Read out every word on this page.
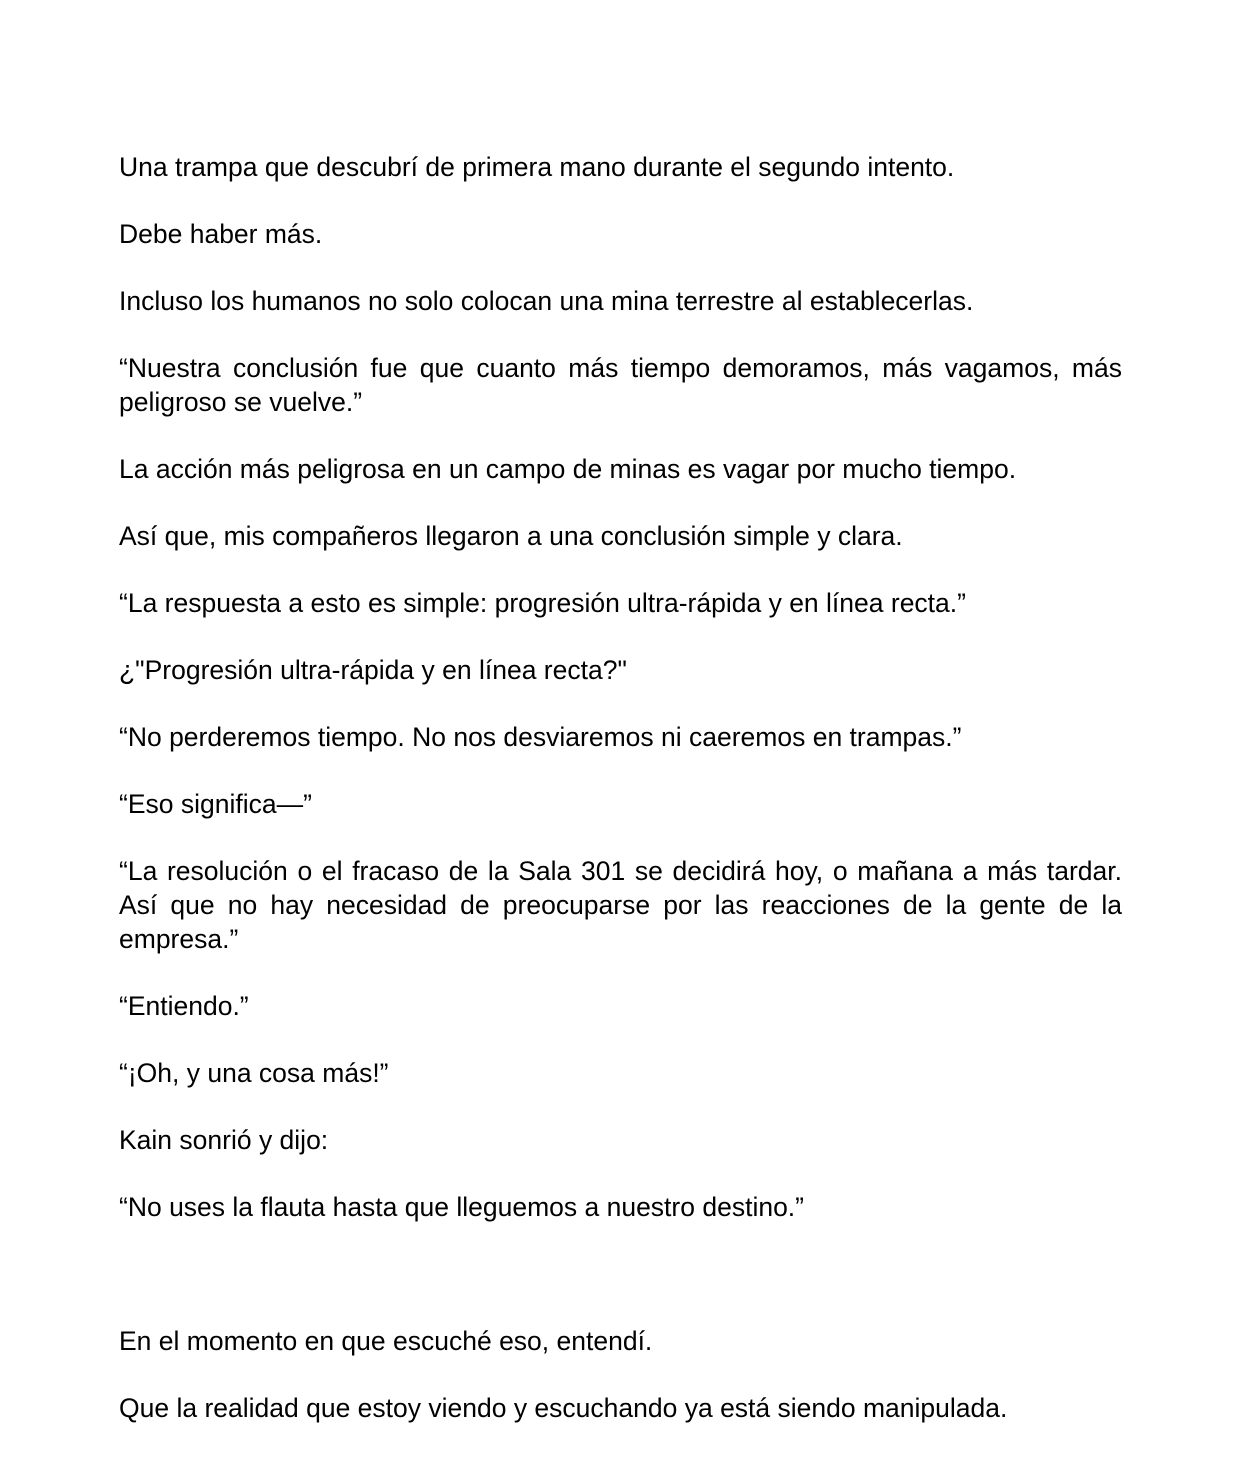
Una trampa que descubrí de primera mano durante el segundo intento.

Debe haber más.

Incluso los humanos no solo colocan una mina terrestre al establecerlas.

“Nuestra conclusión fue que cuanto más tiempo demoramos, más vagamos, más peligroso se vuelve.”

La acción más peligrosa en un campo de minas es vagar por mucho tiempo.

Así que, mis compañeros llegaron a una conclusión simple y clara.

“La respuesta a esto es simple: progresión ultra-rápida y en línea recta.”

¿"Progresión ultra-rápida y en línea recta?"

“No perderemos tiempo. No nos desviaremos ni caeremos en trampas.”

“Eso significa—”

“La resolución o el fracaso de la Sala 301 se decidirá hoy, o mañana a más tardar. Así que no hay necesidad de preocuparse por las reacciones de la gente de la empresa.”

“Entiendo.”

“¡Oh, y una cosa más!”

Kain sonrió y dijo:

“No uses la flauta hasta que lleguemos a nuestro destino.”

En el momento en que escuché eso, entendí.

Que la realidad que estoy viendo y escuchando ya está siendo manipulada.
